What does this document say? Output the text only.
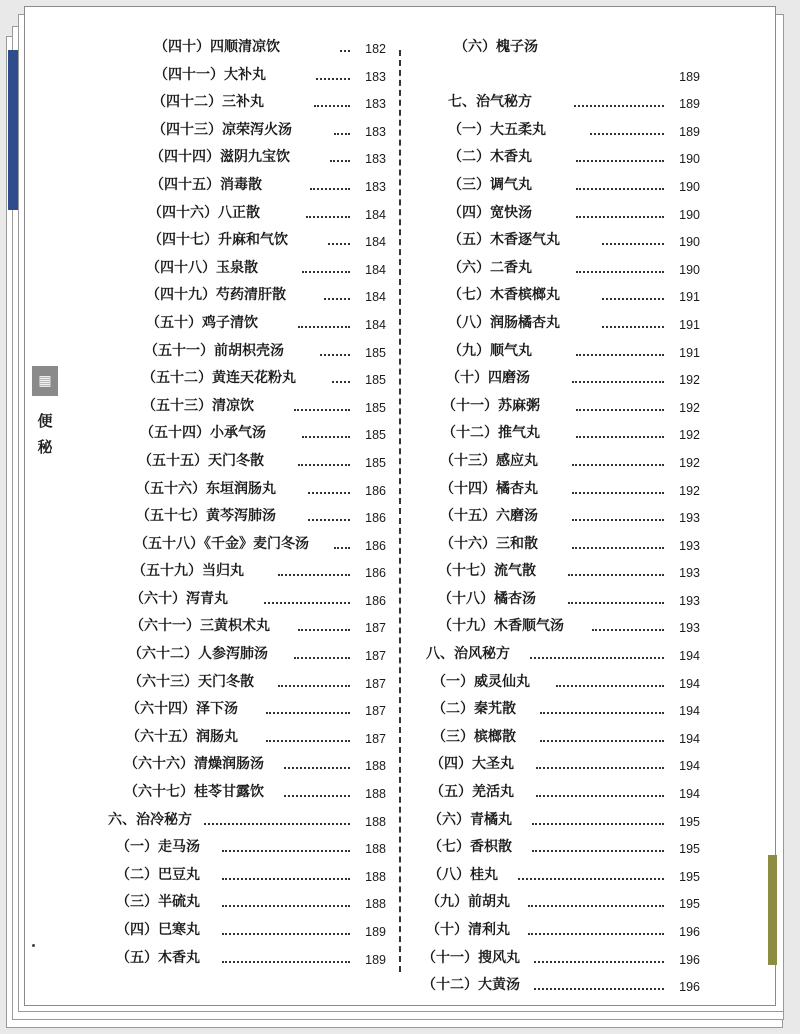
▦
便秘
（四十）四顺清凉饮	182
（四十一）大补丸	183
（四十二）三补丸	183
（四十三）凉荣泻火汤	183
（四十四）滋阴九宝饮	183
（四十五）消毒散	183
（四十六）八正散	184
（四十七）升麻和气饮	184
（四十八）玉泉散	184
（四十九）芍药清肝散	184
（五十）鸡子清饮	184
（五十一）前胡枳壳汤	185
（五十二）黄连天花粉丸	185
（五十三）清凉饮	185
（五十四）小承气汤	185
（五十五）天门冬散	185
（五十六）东垣润肠丸	186
（五十七）黄芩泻肺汤	186
（五十八）《千金》麦门冬汤	186
（五十九）当归丸	186
（六十）泻青丸	186
（六十一）三黄枳术丸	187
（六十二）人参泻肺汤	187
（六十三）天门冬散	187
（六十四）泽下汤	187
（六十五）润肠丸	187
（六十六）清燥润肠汤	188
（六十七）桂苓甘露饮	188
六、治冷秘方	188
（一）走马汤	188
（二）巴豆丸	188
（三）半硫丸	188
（四）巳寒丸	189
（五）木香丸	189
（六）槐子汤
189
七、治气秘方	189
（一）大五柔丸	189
（二）木香丸	190
（三）调气丸	190
（四）宽快汤	190
（五）木香逐气丸	190
（六）二香丸	190
（七）木香槟榔丸	191
（八）润肠橘杏丸	191
（九）顺气丸	191
（十）四磨汤	192
（十一）苏麻粥	192
（十二）推气丸	192
（十三）感应丸	192
（十四）橘杏丸	192
（十五）六磨汤	193
（十六）三和散	193
（十七）流气散	193
（十八）橘杏汤	193
（十九）木香顺气汤	193
八、治风秘方	194
（一）威灵仙丸	194
（二）秦艽散	194
（三）槟榔散	194
（四）大圣丸	194
（五）羌活丸	194
（六）青橘丸	195
（七）香枳散	195
（八）桂丸	195
（九）前胡丸	195
（十）清利丸	196
（十一）搜风丸	196
（十二）大黄汤	196
